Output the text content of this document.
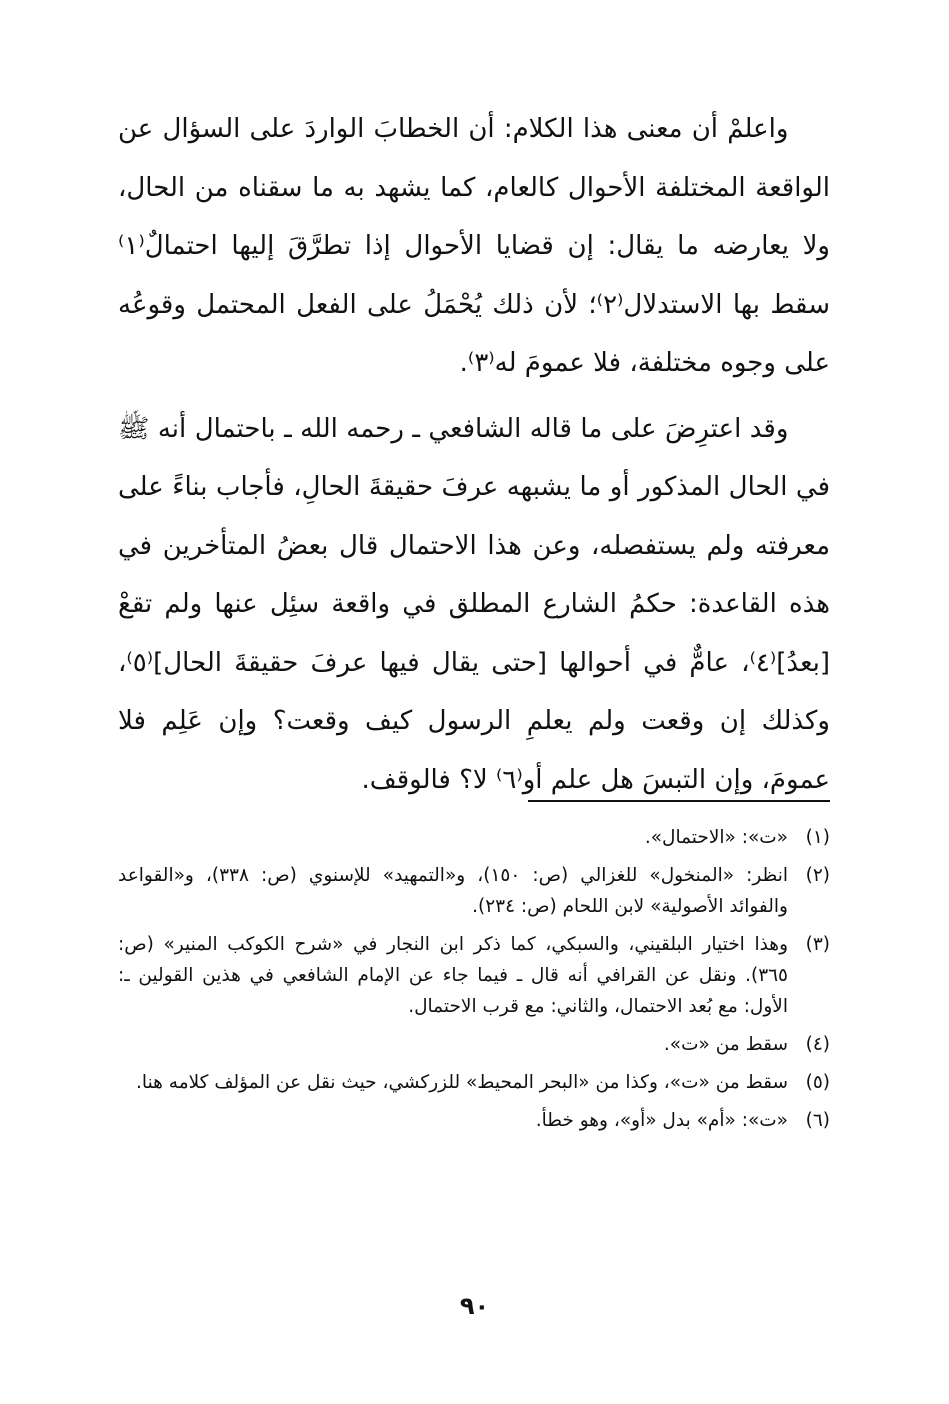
واعلمْ أن معنى هذا الكلام: أن الخطابَ الواردَ على السؤال عن الواقعة المختلفة الأحوال كالعام، كما يشهد به ما سقناه من الحال، ولا يعارضه ما يقال: إن قضايا الأحوال إذا تطرَّقَ إليها احتمالٌ⁽١⁾ سقط بها الاستدلال⁽٢⁾؛ لأن ذلك يُحْمَلُ على الفعل المحتمل وقوعُه على وجوه مختلفة، فلا عمومَ له⁽٣⁾.

وقد اعترِضَ على ما قاله الشافعي ـ رحمه الله ـ باحتمال أنه ﷺ في الحال المذكور أو ما يشبهه عرفَ حقيقةَ الحالِ، فأجاب بناءً على معرفته ولم يستفصله، وعن هذا الاحتمال قال بعضُ المتأخرين في هذه القاعدة: حكمُ الشارع المطلق في واقعة سئِل عنها ولم تقعْ [بعدُ]⁽٤⁾، عامٌّ في أحوالها [حتى يقال فيها عرفَ حقيقةَ الحال]⁽٥⁾، وكذلك إن وقعت ولم يعلمِ الرسول كيف وقعت؟ وإن عَلِم فلا عمومَ، وإن التبسَ هل علم أو⁽٦⁾ لا؟ فالوقف.

(١)
«ت»: «الاحتمال».
(٢)
انظر: «المنخول» للغزالي (ص: ١٥٠)، و«التمهيد» للإسنوي (ص: ٣٣٨)، و«القواعد والفوائد الأصولية» لابن اللحام (ص: ٢٣٤).
(٣)
وهذا اختيار البلقيني، والسبكي، كما ذكر ابن النجار في «شرح الكوكب المنير» (ص: ٣٦٥). ونقل عن القرافي أنه قال ـ فيما جاء عن الإمام الشافعي في هذين القولين ـ: الأول: مع بُعد الاحتمال، والثاني: مع قرب الاحتمال.
(٤)
سقط من «ت».
(٥)
سقط من «ت»، وكذا من «البحر المحيط» للزركشي، حيث نقل عن المؤلف كلامه هنا.
(٦)
«ت»: «أم» بدل «أو»، وهو خطأ.
٩٠
